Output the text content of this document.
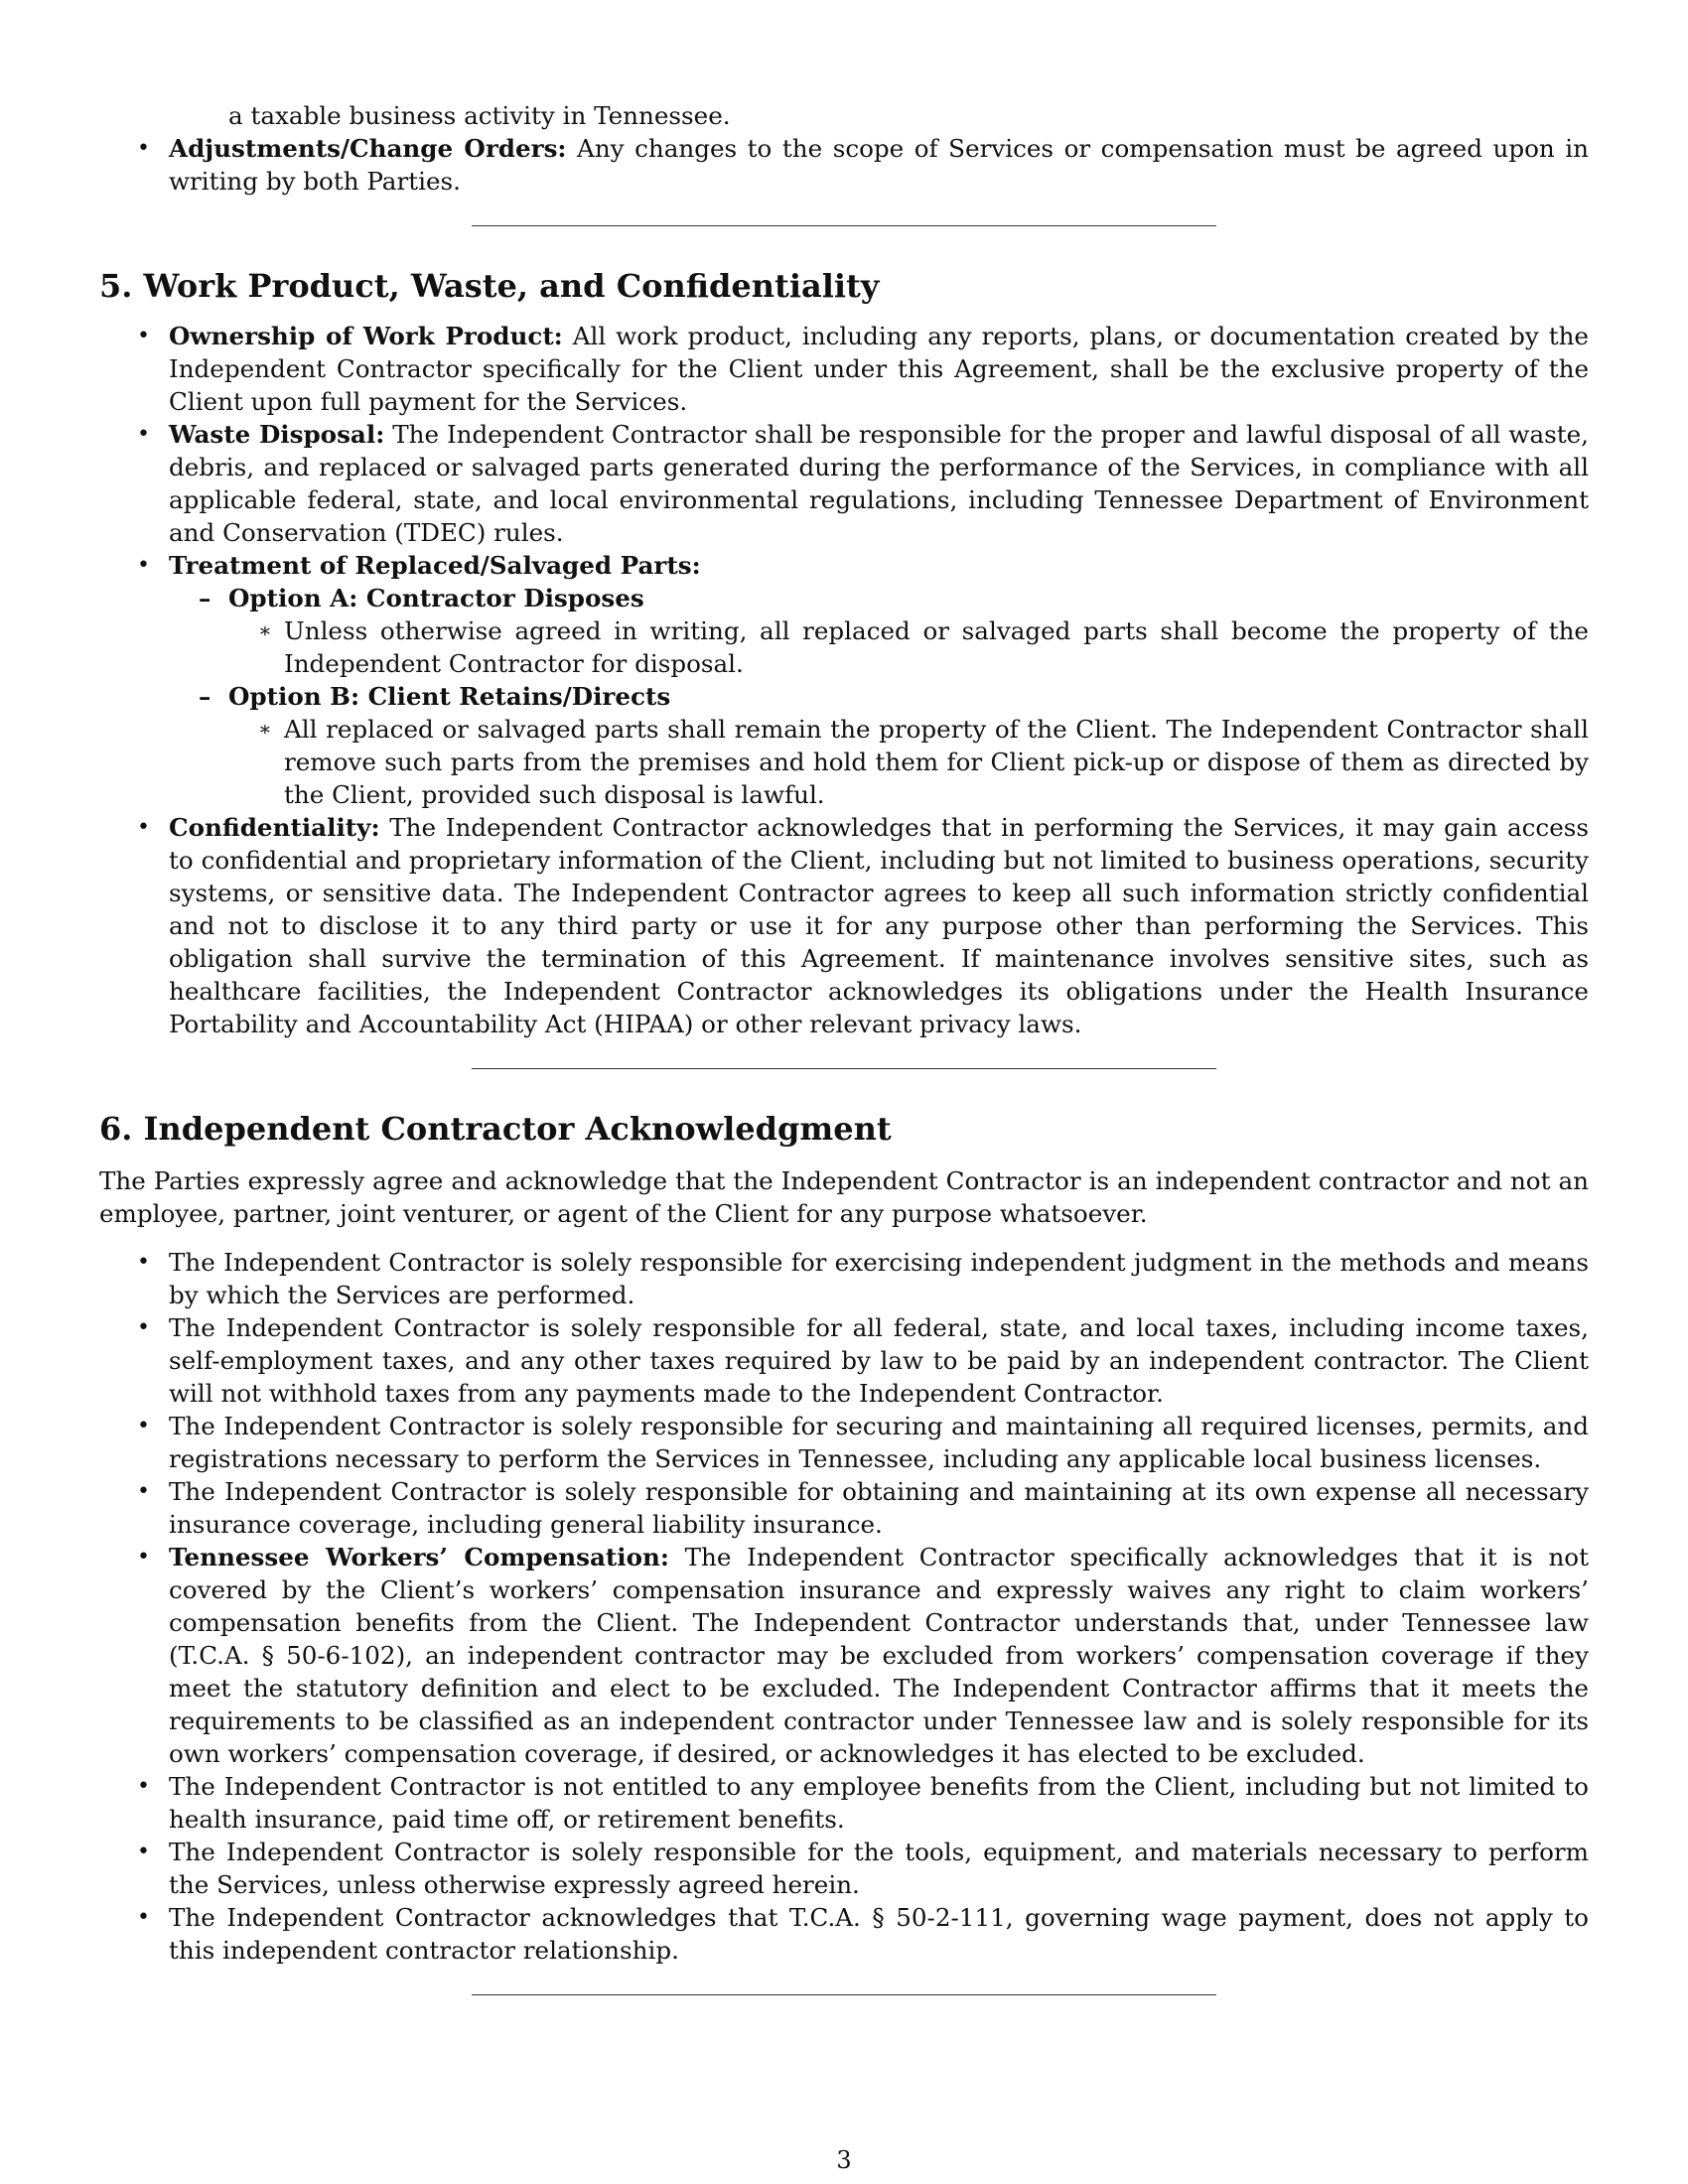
a taxable business activity in Tennessee.

• Adjustments/Change Orders: Any changes to the scope of Services or compensation must be agreed upon in writing by both Parties.
5. Work Product, Waste, and Confidentiality
• Ownership of Work Product: All work product, including any reports, plans, or documentation created by the Independent Contractor specifically for the Client under this Agreement, shall be the exclusive property of the Client upon full payment for the Services.
• Waste Disposal: The Independent Contractor shall be responsible for the proper and lawful disposal of all waste, debris, and replaced or salvaged parts generated during the performance of the Services, in compliance with all applicable federal, state, and local environmental regulations, including Tennessee Department of Environment and Conservation (TDEC) rules.
• Treatment of Replaced/Salvaged Parts:
– Option A: Contractor Disposes
∗ Unless otherwise agreed in writing, all replaced or salvaged parts shall become the property of the Independent Contractor for disposal.
– Option B: Client Retains/Directs
∗ All replaced or salvaged parts shall remain the property of the Client. The Independent Contractor shall remove such parts from the premises and hold them for Client pick-up or dispose of them as directed by the Client, provided such disposal is lawful.
• Confidentiality: The Independent Contractor acknowledges that in performing the Services, it may gain access to confidential and proprietary information of the Client, including but not limited to business operations, security systems, or sensitive data. The Independent Contractor agrees to keep all such information strictly confidential and not to disclose it to any third party or use it for any purpose other than performing the Services. This obligation shall survive the termination of this Agreement. If maintenance involves sensitive sites, such as healthcare facilities, the Independent Contractor acknowledges its obligations under the Health Insurance Portability and Accountability Act (HIPAA) or other relevant privacy laws.
6. Independent Contractor Acknowledgment

The Parties expressly agree and acknowledge that the Independent Contractor is an independent contractor and not an employee, partner, joint venturer, or agent of the Client for any purpose whatsoever.

• The Independent Contractor is solely responsible for exercising independent judgment in the methods and means by which the Services are performed.
• The Independent Contractor is solely responsible for all federal, state, and local taxes, including income taxes, self-employment taxes, and any other taxes required by law to be paid by an independent contractor. The Client will not withhold taxes from any payments made to the Independent Contractor.
• The Independent Contractor is solely responsible for securing and maintaining all required licenses, permits, and registrations necessary to perform the Services in Tennessee, including any applicable local business licenses.
• The Independent Contractor is solely responsible for obtaining and maintaining at its own expense all necessary insurance coverage, including general liability insurance.
• Tennessee Workers’ Compensation: The Independent Contractor specifically acknowledges that it is not covered by the Client’s workers’ compensation insurance and expressly waives any right to claim workers’ compensation benefits from the Client. The Independent Contractor understands that, under Tennessee law (T.C.A. § 50-6-102), an independent contractor may be excluded from workers’ compensation coverage if they meet the statutory definition and elect to be excluded. The Independent Contractor affirms that it meets the requirements to be classified as an independent contractor under Tennessee law and is solely responsible for its own workers’ compensation coverage, if desired, or acknowledges it has elected to be excluded.
• The Independent Contractor is not entitled to any employee benefits from the Client, including but not limited to health insurance, paid time off, or retirement benefits.
• The Independent Contractor is solely responsible for the tools, equipment, and materials necessary to perform the Services, unless otherwise expressly agreed herein.
• The Independent Contractor acknowledges that T.C.A. § 50-2-111, governing wage payment, does not apply to this independent contractor relationship.
3
